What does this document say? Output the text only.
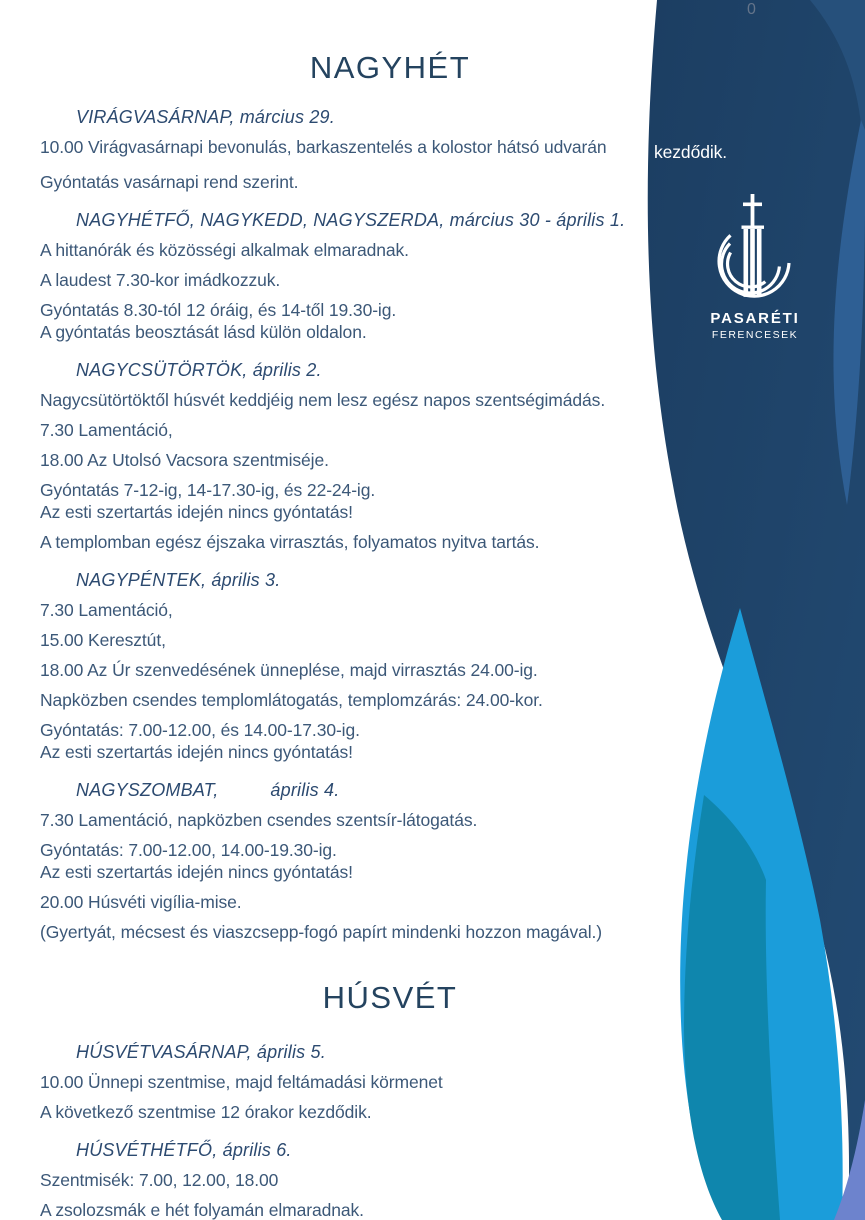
0
PASARÉTI
FERENCESEK
NAGYHÉT

VIRÁGVASÁRNAP, március 29.

10.00 Virágvasárnapi bevonulás, barkaszentelés a kolostor hátsó udvarán	kezdődik.

Gyóntatás vasárnapi rend szerint.

NAGYHÉTFŐ, NAGYKEDD, NAGYSZERDA, március 30 - április 1.

A hittanórák és közösségi alkalmak elmaradnak.

A laudest 7.30-kor imádkozzuk.

Gyóntatás 8.30-tól 12 óráig, és 14-től 19.30-ig.

A gyóntatás beosztását lásd külön oldalon.

NAGYCSÜTÖRTÖK, április 2.

Nagycsütörtöktől húsvét keddjéig nem lesz egész napos szentségimádás.

7.30 Lamentáció,

18.00 Az Utolsó Vacsora szentmiséje.

Gyóntatás 7-12-ig, 14-17.30-ig, és 22-24-ig.

Az esti szertartás idején nincs gyóntatás!

A templomban egész éjszaka virrasztás, folyamatos nyitva tartás.

NAGYPÉNTEK, április 3.

7.30 Lamentáció,

15.00 Keresztút,

18.00 Az Úr szenvedésének ünneplése, majd virrasztás 24.00-ig.

Napközben csendes templomlátogatás, templomzárás: 24.00-kor.

Gyóntatás: 7.00-12.00, és 14.00-17.30-ig.

Az esti szertartás idején nincs gyóntatás!

NAGYSZOMBAT,          április 4.

7.30 Lamentáció, napközben csendes szentsír-látogatás.

Gyóntatás: 7.00-12.00, 14.00-19.30-ig.

Az esti szertartás idején nincs gyóntatás!

20.00 Húsvéti vigília-mise.

(Gyertyát, mécsest és viaszcsepp-fogó papírt mindenki hozzon magával.)

HÚSVÉT

HÚSVÉTVASÁRNAP, április 5.

10.00 Ünnepi szentmise, majd feltámadási körmenet

A következő szentmise 12 órakor kezdődik.

HÚSVÉTHÉTFŐ, április 6.

Szentmisék: 7.00, 12.00, 18.00

A zsolozsmák e hét folyamán elmaradnak.
